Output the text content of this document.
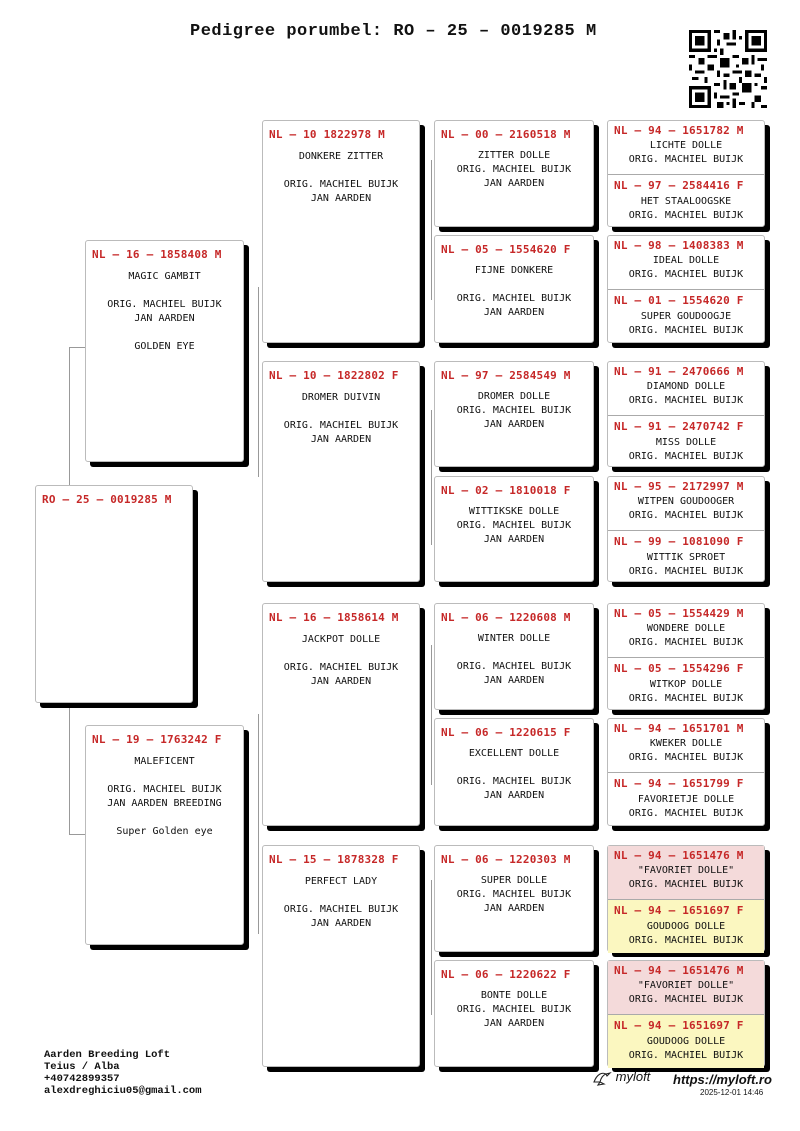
Pedigree porumbel: RO – 25 – 0019285 M
RO – 25 – 0019285 M
NL – 16 – 1858408 M
MAGIC GAMBIT
ORIG. MACHIEL BUIJK
JAN AARDEN
GOLDEN EYE
NL – 19 – 1763242 F
MALEFICENT
ORIG. MACHIEL BUIJK
JAN AARDEN BREEDING
Super Golden eye
NL – 10 1822978 M
DONKERE ZITTER
ORIG. MACHIEL BUIJK
JAN AARDEN
NL – 10 – 1822802 F
DROMER DUIVIN
ORIG. MACHIEL BUIJK
JAN AARDEN
NL – 16 – 1858614 M
JACKPOT DOLLE
ORIG. MACHIEL BUIJK
JAN AARDEN
NL – 15 – 1878328 F
PERFECT LADY
ORIG. MACHIEL BUIJK
JAN AARDEN
NL – 00 – 2160518 M
ZITTER DOLLE
ORIG. MACHIEL BUIJK
JAN AARDEN
NL – 05 – 1554620 F
FIJNE DONKERE
ORIG. MACHIEL BUIJK
JAN AARDEN
NL – 97 – 2584549 M
DROMER DOLLE
ORIG. MACHIEL BUIJK
JAN AARDEN
NL – 02 – 1810018 F
WITTIKSKE DOLLE
ORIG. MACHIEL BUIJK
JAN AARDEN
NL – 06 – 1220608 M
WINTER DOLLE
ORIG. MACHIEL BUIJK
JAN AARDEN
NL – 06 – 1220615 F
EXCELLENT DOLLE
ORIG. MACHIEL BUIJK
JAN AARDEN
NL – 06 – 1220303 M
SUPER DOLLE
ORIG. MACHIEL BUIJK
JAN AARDEN
NL – 06 – 1220622 F
BONTE DOLLE
ORIG. MACHIEL BUIJK
JAN AARDEN
NL – 94 – 1651782 M
LICHTE DOLLE
ORIG. MACHIEL BUIJK
NL – 97 – 2584416 F
HET STAALOOGSKE
ORIG. MACHIEL BUIJK
NL – 98 – 1408383 M
IDEAL DOLLE
ORIG. MACHIEL BUIJK
NL – 01 – 1554620 F
SUPER GOUDOOGJE
ORIG. MACHIEL BUIJK
NL – 91 – 2470666 M
DIAMOND DOLLE
ORIG. MACHIEL BUIJK
NL – 91 – 2470742 F
MISS DOLLE
ORIG. MACHIEL BUIJK
NL – 95 – 2172997 M
WITPEN GOUDOOGER
ORIG. MACHIEL BUIJK
NL – 99 – 1081090 F
WITTIK SPROET
ORIG. MACHIEL BUIJK
NL – 05 – 1554429 M
WONDERE DOLLE
ORIG. MACHIEL BUIJK
NL – 05 – 1554296 F
WITKOP DOLLE
ORIG. MACHIEL BUIJK
NL – 94 – 1651701 M
KWEKER DOLLE
ORIG. MACHIEL BUIJK
NL – 94 – 1651799 F
FAVORIETJE DOLLE
ORIG. MACHIEL BUIJK
NL – 94 – 1651476 M
"FAVORIET DOLLE"
ORIG. MACHIEL BUIJK
NL – 94 – 1651697 F
GOUDOOG DOLLE
ORIG. MACHIEL BUIJK
NL – 94 – 1651476 M
"FAVORIET DOLLE"
ORIG. MACHIEL BUIJK
NL – 94 – 1651697 F
GOUDOOG DOLLE
ORIG. MACHIEL BUIJK
Aarden Breeding Loft
Teius / Alba
+40742899357
alexdreghiciu05@gmail.com
myloft https://myloft.ro
2025-12-01 14:46
